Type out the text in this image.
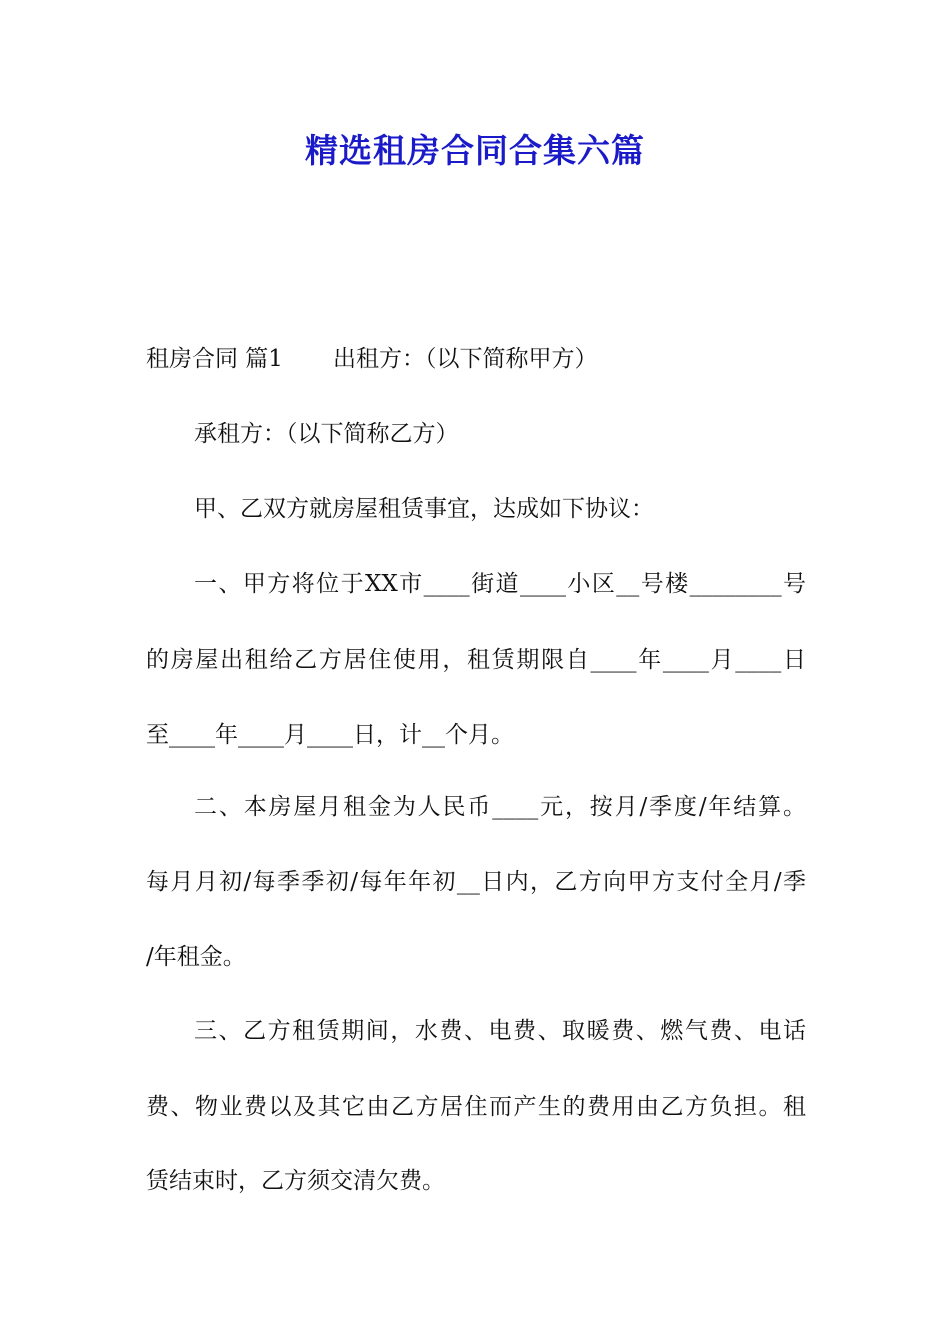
精选租房合同合集六篇
租房合同 篇1 出租方：（以下简称甲方）
承租方：（以下简称乙方）
甲、乙双方就房屋租赁事宜，达成如下协议：
一、甲方将位于XX市____街道____小区__号楼________号
的房屋出租给乙方居住使用，租赁期限自____年____月____日
至____年____月____日，计__个月。
二、本房屋月租金为人民币____元，按月/季度/年结算。
每月月初/每季季初/每年年初__日内，乙方向甲方支付全月/季
/年租金。
三、乙方租赁期间，水费、电费、取暖费、燃气费、电话
费、物业费以及其它由乙方居住而产生的费用由乙方负担。租
赁结束时，乙方须交清欠费。
